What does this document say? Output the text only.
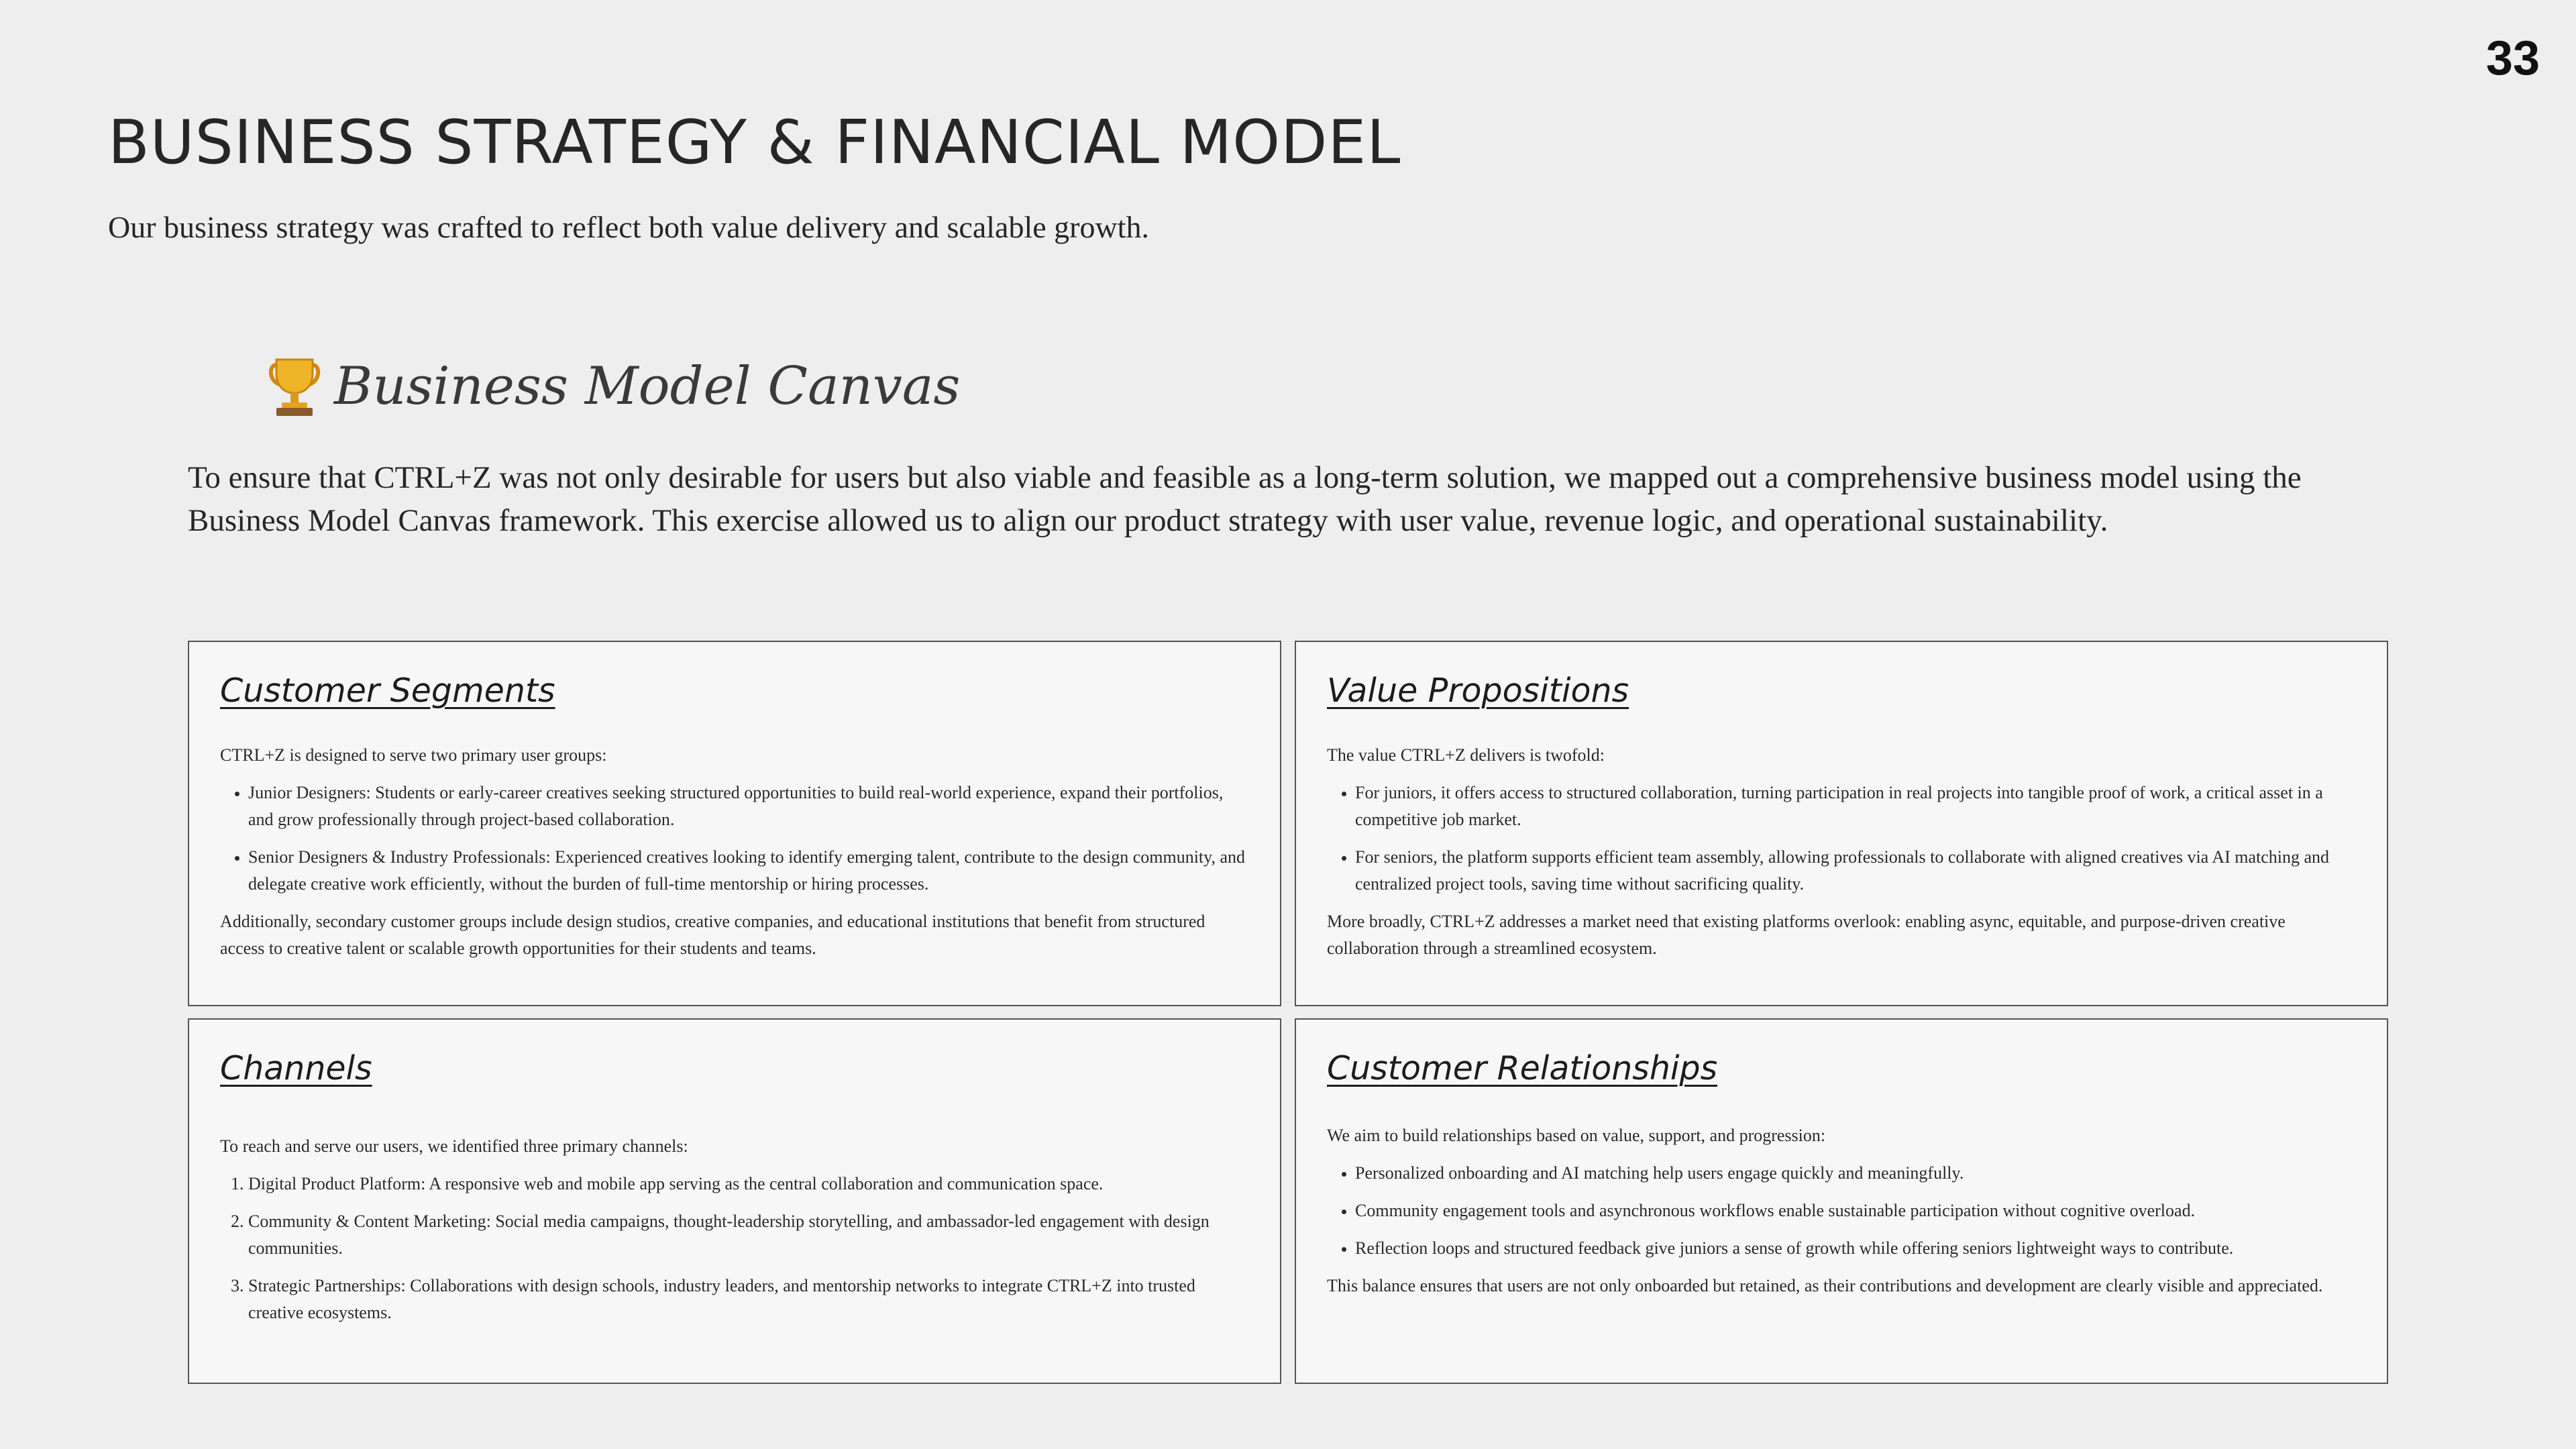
33
BUSINESS STRATEGY & FINANCIAL MODEL

Our business strategy was crafted to reflect both value delivery and scalable growth.

Business Model Canvas

To ensure that CTRL+Z was not only desirable for users but also viable and feasible as a long-term solution, we mapped out a comprehensive business model using the Business Model Canvas framework. This exercise allowed us to align our product strategy with user value, revenue logic, and operational sustainability.

Customer Segments

CTRL+Z is designed to serve two primary user groups:

• Junior Designers: Students or early-career creatives seeking structured opportunities to build real-world experience, expand their portfolios, and grow professionally through project-based collaboration.
• Senior Designers & Industry Professionals: Experienced creatives looking to identify emerging talent, contribute to the design community, and delegate creative work efficiently, without the burden of full-time mentorship or hiring processes.

Additionally, secondary customer groups include design studios, creative companies, and educational institutions that benefit from structured access to creative talent or scalable growth opportunities for their students and teams.

Value Propositions

The value CTRL+Z delivers is twofold:

• For juniors, it offers access to structured collaboration, turning participation in real projects into tangible proof of work, a critical asset in a competitive job market.
• For seniors, the platform supports efficient team assembly, allowing professionals to collaborate with aligned creatives via AI matching and centralized project tools, saving time without sacrificing quality.

More broadly, CTRL+Z addresses a market need that existing platforms overlook: enabling async, equitable, and purpose-driven creative collaboration through a streamlined ecosystem.

Channels

To reach and serve our users, we identified three primary channels:

1. Digital Product Platform: A responsive web and mobile app serving as the central collaboration and communication space.
2. Community & Content Marketing: Social media campaigns, thought-leadership storytelling, and ambassador-led engagement with design communities.
3. Strategic Partnerships: Collaborations with design schools, industry leaders, and mentorship networks to integrate CTRL+Z into trusted creative ecosystems.
Customer Relationships

We aim to build relationships based on value, support, and progression:

• Personalized onboarding and AI matching help users engage quickly and meaningfully.
• Community engagement tools and asynchronous workflows enable sustainable participation without cognitive overload.
• Reflection loops and structured feedback give juniors a sense of growth while offering seniors lightweight ways to contribute.

This balance ensures that users are not only onboarded but retained, as their contributions and development are clearly visible and appreciated.
